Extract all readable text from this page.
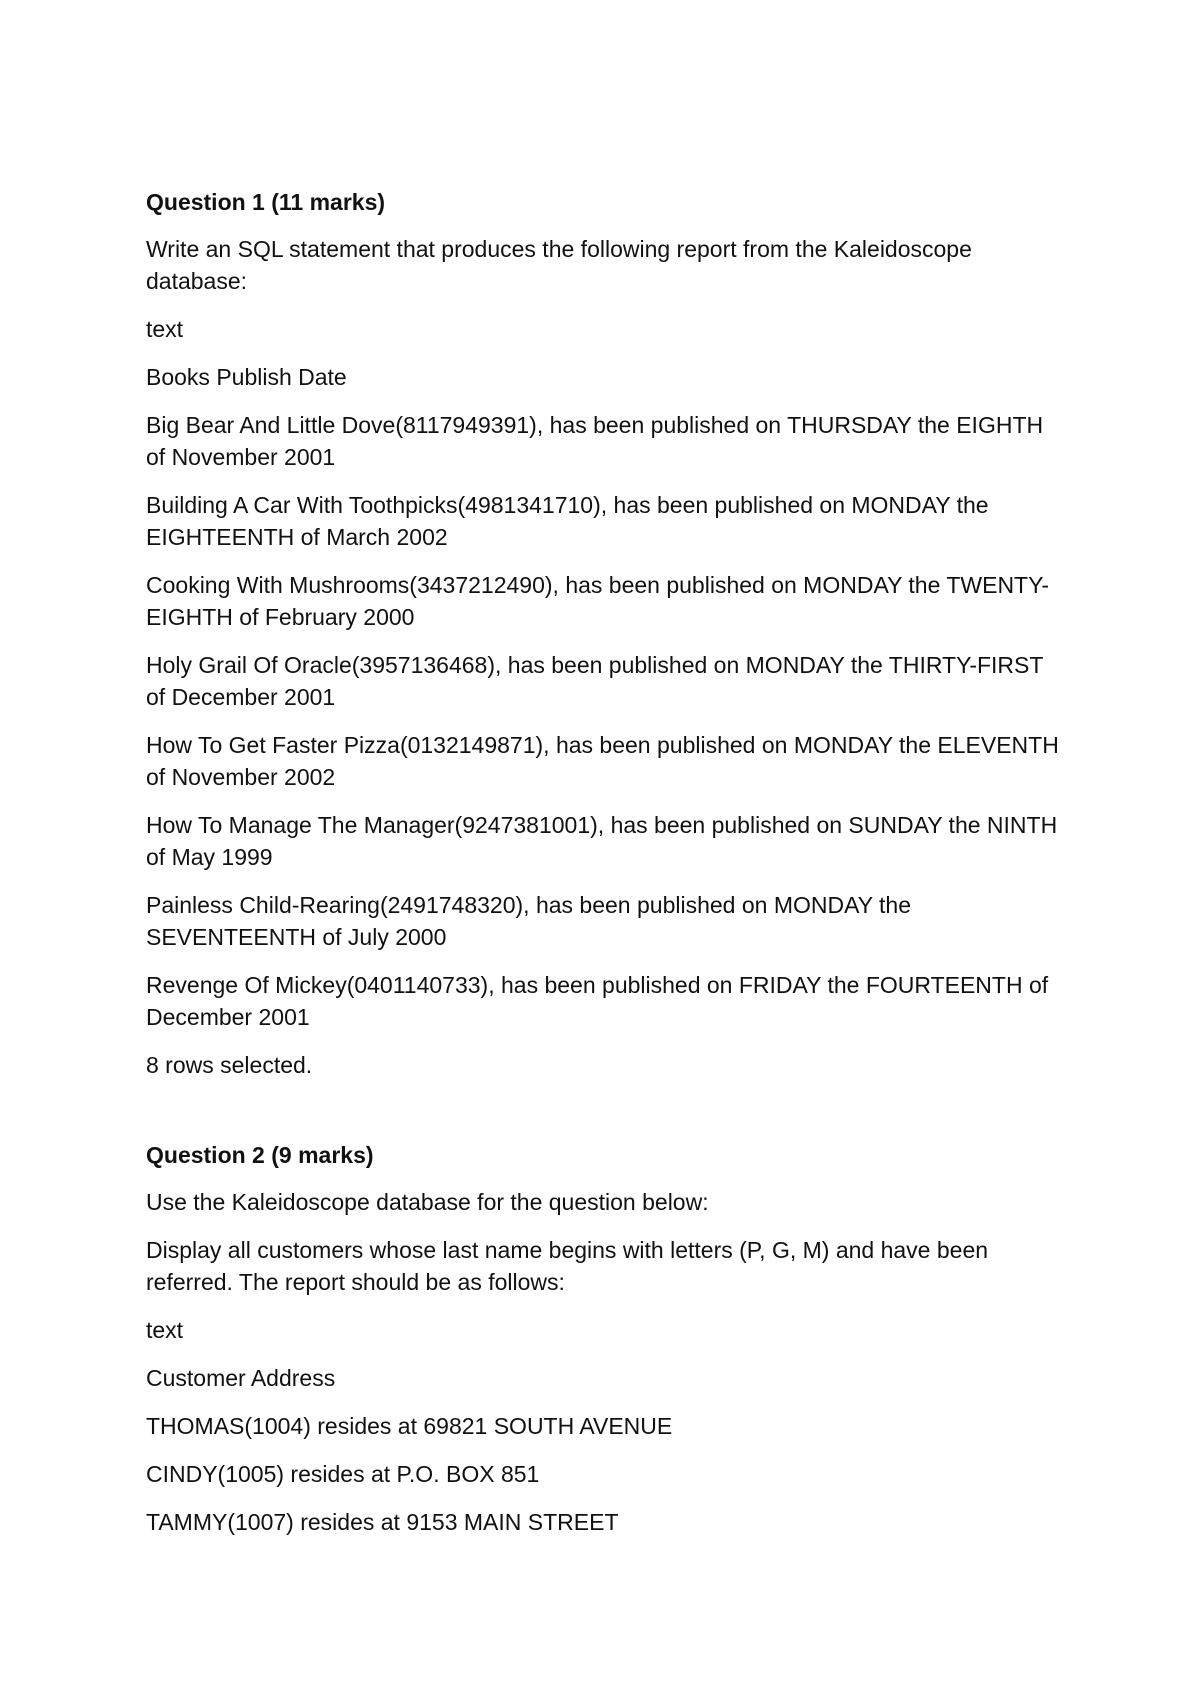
Question 1 (11 marks)
Write an SQL statement that produces the following report from the Kaleidoscope database:
text
Books Publish Date
Big Bear And Little Dove(8117949391), has been published on THURSDAY the EIGHTH of November 2001
Building A Car With Toothpicks(4981341710), has been published on MONDAY the EIGHTEENTH of March 2002
Cooking With Mushrooms(3437212490), has been published on MONDAY the TWENTY-EIGHTH of February 2000
Holy Grail Of Oracle(3957136468), has been published on MONDAY the THIRTY-FIRST of December 2001
How To Get Faster Pizza(0132149871), has been published on MONDAY the ELEVENTH of November 2002
How To Manage The Manager(9247381001), has been published on SUNDAY the NINTH of May 1999
Painless Child-Rearing(2491748320), has been published on MONDAY the SEVENTEENTH of July 2000
Revenge Of Mickey(0401140733), has been published on FRIDAY the FOURTEENTH of December 2001
8 rows selected.
Question 2 (9 marks)
Use the Kaleidoscope database for the question below:
Display all customers whose last name begins with letters (P, G, M) and have been referred. The report should be as follows:
text
Customer Address
THOMAS(1004) resides at 69821 SOUTH AVENUE
CINDY(1005) resides at P.O. BOX 851
TAMMY(1007) resides at 9153 MAIN STREET
